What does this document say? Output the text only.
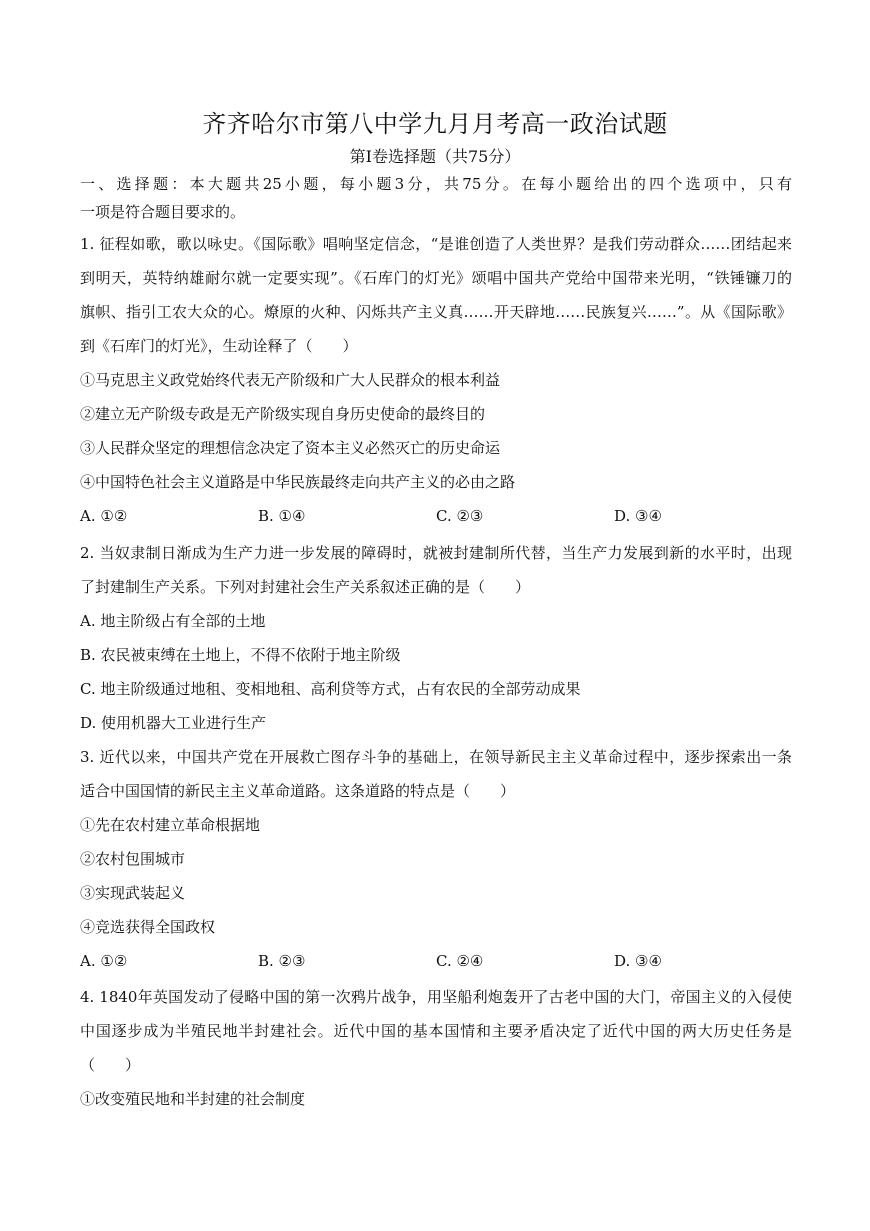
齐齐哈尔市第八中学九月月考高一政治试题
第Ⅰ卷选择题（共75分）
一、选择题：本大题共25小题，每小题3分，共75分。在每小题给出的四个选项中，只有
一项是符合题目要求的。
1. 征程如歌，歌以咏史。《国际歌》唱响坚定信念，“是谁创造了人类世界？是我们劳动群众……团结起来
到明天，英特纳雄耐尔就一定要实现”。《石库门的灯光》颂唱中国共产党给中国带来光明，“铁锤镰刀的
旗帜、指引工农大众的心。燎原的火种、闪烁共产主义真……开天辟地……民族复兴……”。从《国际歌》
到《石库门的灯光》，生动诠释了（　　）
①马克思主义政党始终代表无产阶级和广大人民群众的根本利益
②建立无产阶级专政是无产阶级实现自身历史使命的最终目的
③人民群众坚定的理想信念决定了资本主义必然灭亡的历史命运
④中国特色社会主义道路是中华民族最终走向共产主义的必由之路
A. ①②	B. ①④	C. ②③	D. ③④
2. 当奴隶制日渐成为生产力进一步发展的障碍时，就被封建制所代替，当生产力发展到新的水平时，出现
了封建制生产关系。下列对封建社会生产关系叙述正确的是（　　）
A. 地主阶级占有全部的土地
B. 农民被束缚在土地上，不得不依附于地主阶级
C. 地主阶级通过地租、变相地租、高利贷等方式，占有农民的全部劳动成果
D. 使用机器大工业进行生产
3. 近代以来，中国共产党在开展救亡图存斗争的基础上，在领导新民主主义革命过程中，逐步探索出一条
适合中国国情的新民主主义革命道路。这条道路的特点是（　　）
①先在农村建立革命根据地
②农村包围城市
③实现武装起义
④竞选获得全国政权
A. ①②	B. ②③	C. ②④	D. ③④
4. 1840年英国发动了侵略中国的第一次鸦片战争，用坚船利炮轰开了古老中国的大门，帝国主义的入侵使
中国逐步成为半殖民地半封建社会。近代中国的基本国情和主要矛盾决定了近代中国的两大历史任务是
（　　）
①改变殖民地和半封建的社会制度
